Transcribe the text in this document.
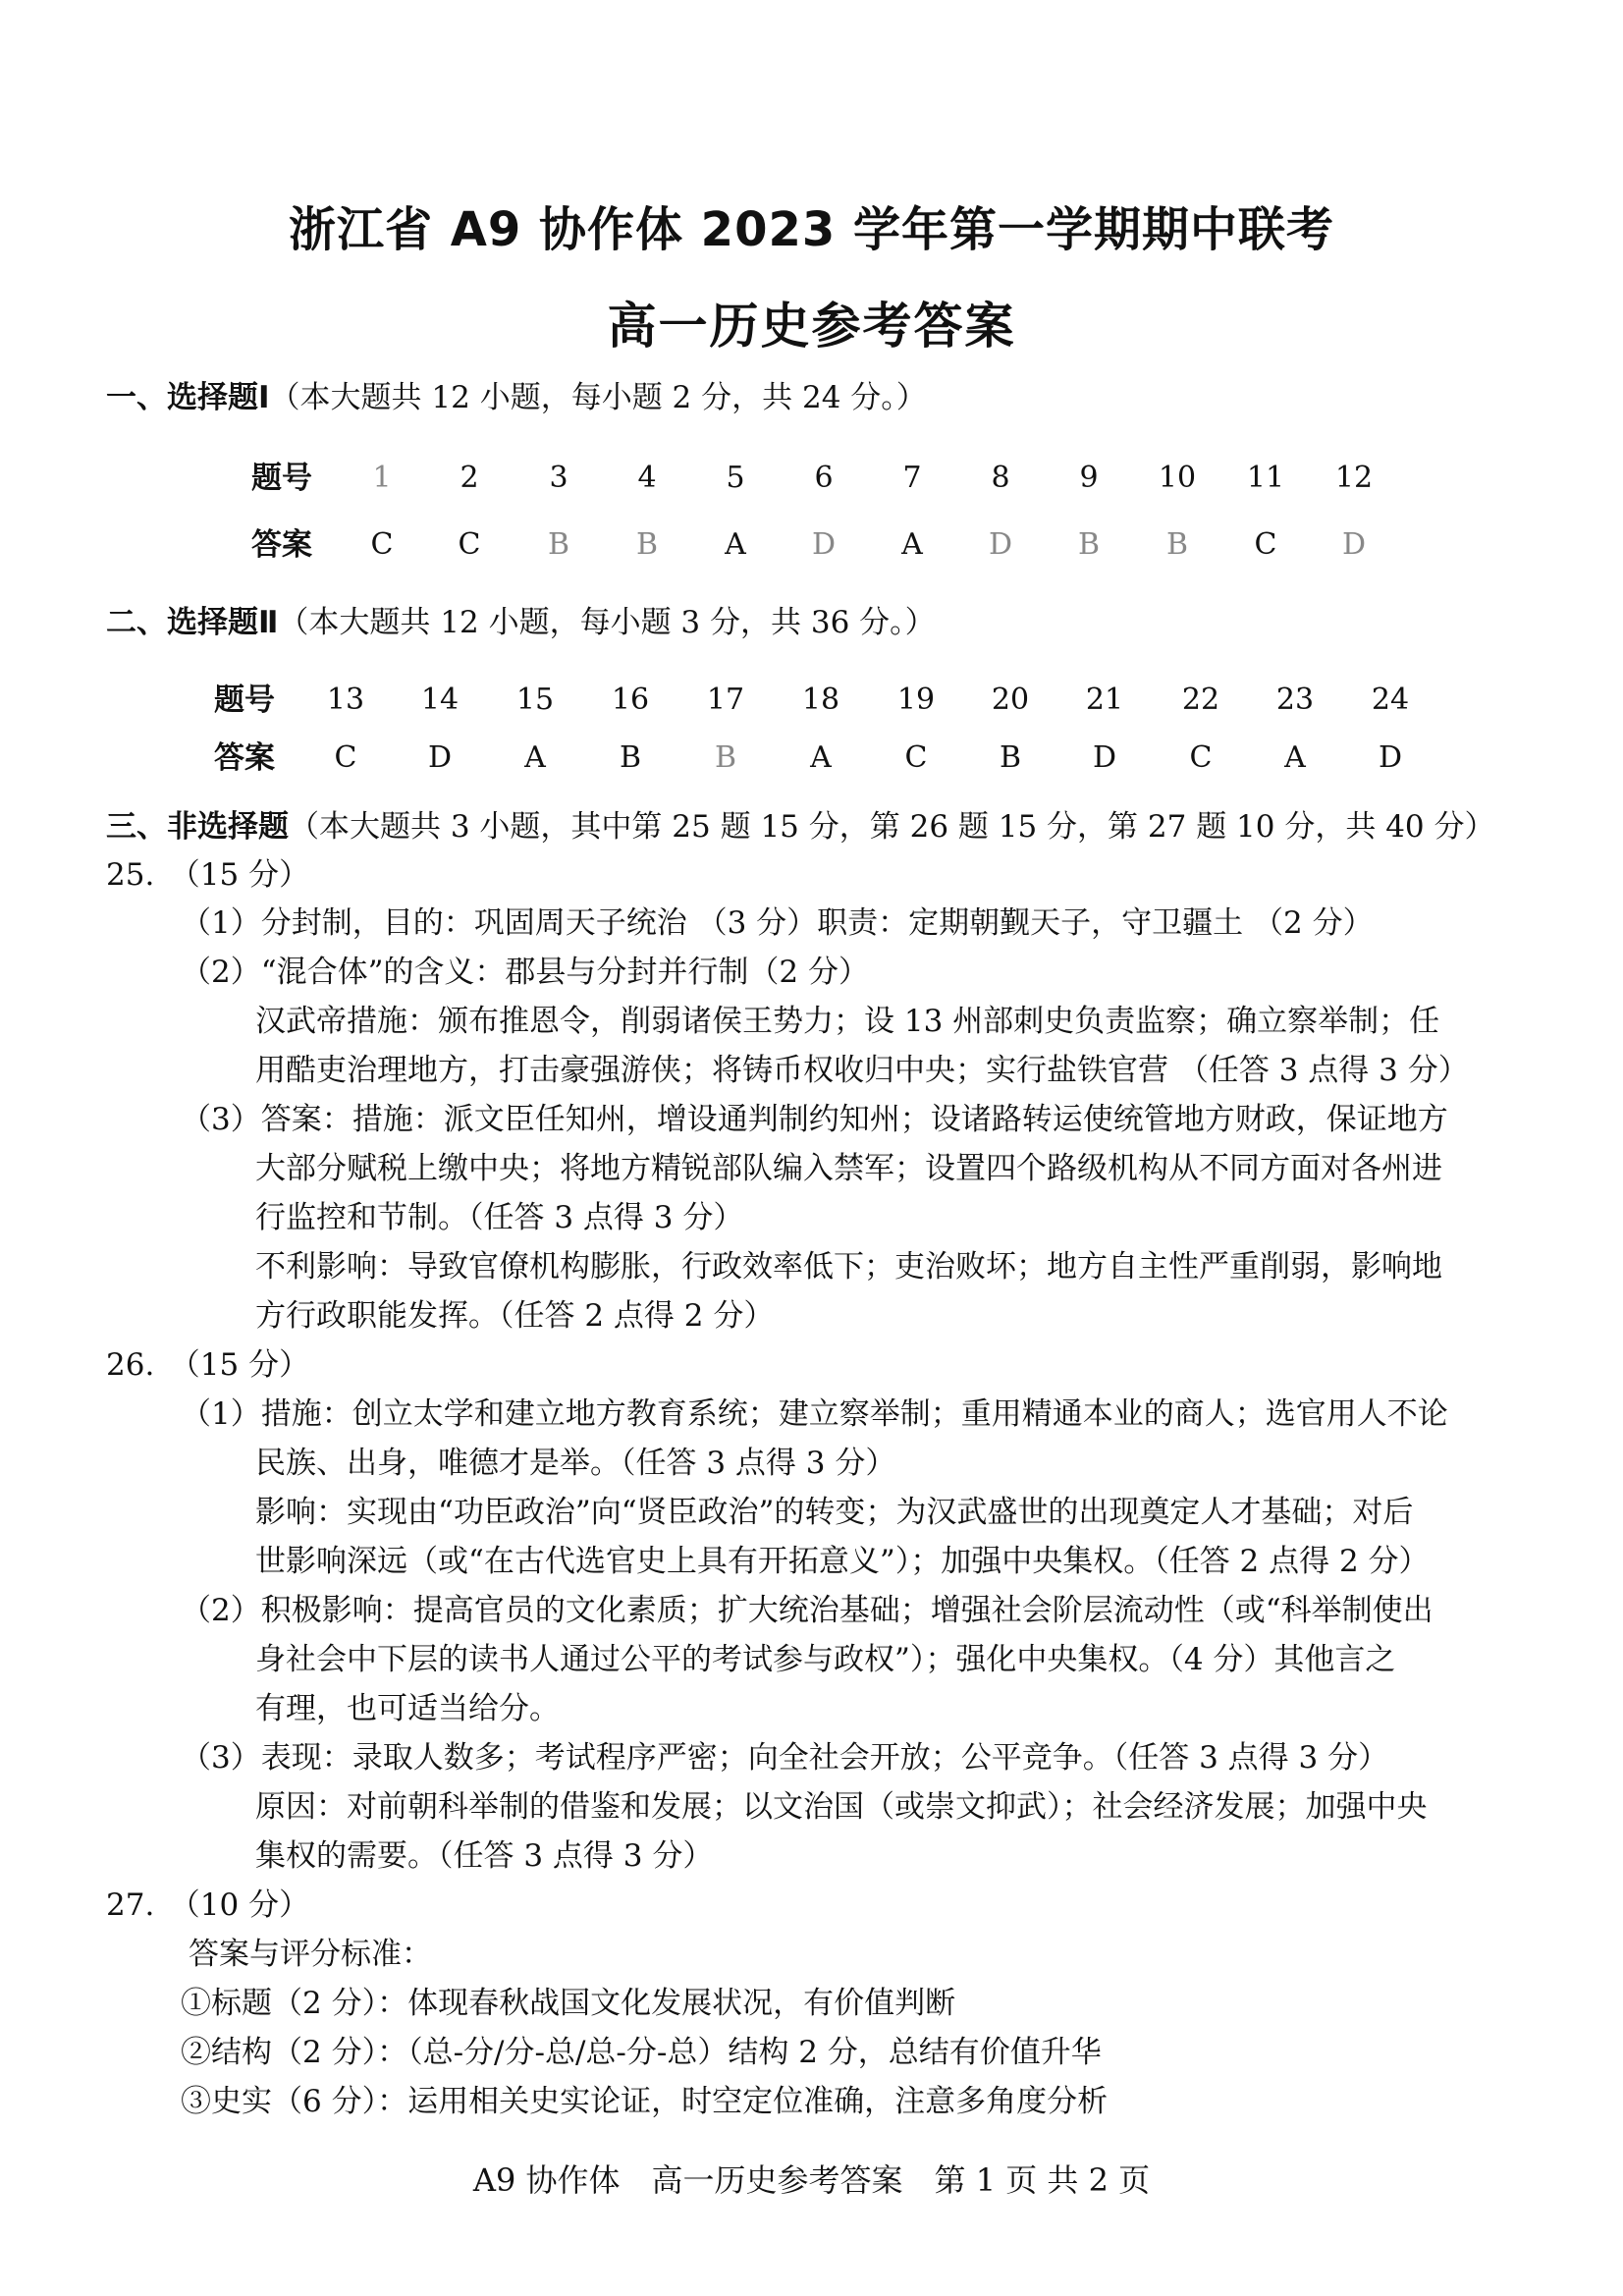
浙江省 A9 协作体 2023 学年第一学期期中联考
高一历史参考答案
一、选择题Ⅰ（本大题共 12 小题，每小题 2 分，共 24 分。）
题号	1	2	3	4	5	6	7	8	9	10	11	12
答案	C	C	B	B	A	D	A	D	B	B	C	D
二、选择题Ⅱ（本大题共 12 小题，每小题 3 分，共 36 分。）
题号	13	14	15	16	17	18	19	20	21	22	23	24
答案	C	D	A	B	B	A	C	B	D	C	A	D
三、非选择题（本大题共 3 小题，其中第 25 题 15 分，第 26 题 15 分，第 27 题 10 分，共 40 分）
25.　（15 分）
（1）分封制，目的：巩固周天子统治 （3 分）职责：定期朝觐天子，守卫疆土 （2 分）
（2）“混合体”的含义：郡县与分封并行制（2 分）
汉武帝措施：颁布推恩令，削弱诸侯王势力；设 13 州部刺史负责监察；确立察举制；任
用酷吏治理地方，打击豪强游侠；将铸币权收归中央；实行盐铁官营 （任答 3 点得 3 分）
（3）答案：措施：派文臣任知州，增设通判制约知州；设诸路转运使统管地方财政，保证地方
大部分赋税上缴中央；将地方精锐部队编入禁军；设置四个路级机构从不同方面对各州进
行监控和节制。（任答 3 点得 3 分）
不利影响：导致官僚机构膨胀，行政效率低下；吏治败坏；地方自主性严重削弱，影响地
方行政职能发挥。（任答 2 点得 2 分）
26.　（15 分）
（1）措施：创立太学和建立地方教育系统；建立察举制；重用精通本业的商人；选官用人不论
民族、出身，唯德才是举。（任答 3 点得 3 分）
影响：实现由“功臣政治”向“贤臣政治”的转变；为汉武盛世的出现奠定人才基础；对后
世影响深远（或“在古代选官史上具有开拓意义”）；加强中央集权。（任答 2 点得 2 分）
（2）积极影响：提高官员的文化素质；扩大统治基础；增强社会阶层流动性（或“科举制使出
身社会中下层的读书人通过公平的考试参与政权”）；强化中央集权。（4 分）其他言之
有理，也可适当给分。
（3）表现：录取人数多；考试程序严密；向全社会开放；公平竞争。（任答 3 点得 3 分）
原因：对前朝科举制的借鉴和发展；以文治国（或崇文抑武）；社会经济发展；加强中央
集权的需要。（任答 3 点得 3 分）
27.　（10 分）
答案与评分标准：
①标题（2 分）：体现春秋战国文化发展状况，有价值判断
②结构（2 分）：（总-分/分-总/总-分-总）结构 2 分，总结有价值升华
③史实（6 分）：运用相关史实论证，时空定位准确，注意多角度分析
A9 协作体　高一历史参考答案　第 1 页 共 2 页
